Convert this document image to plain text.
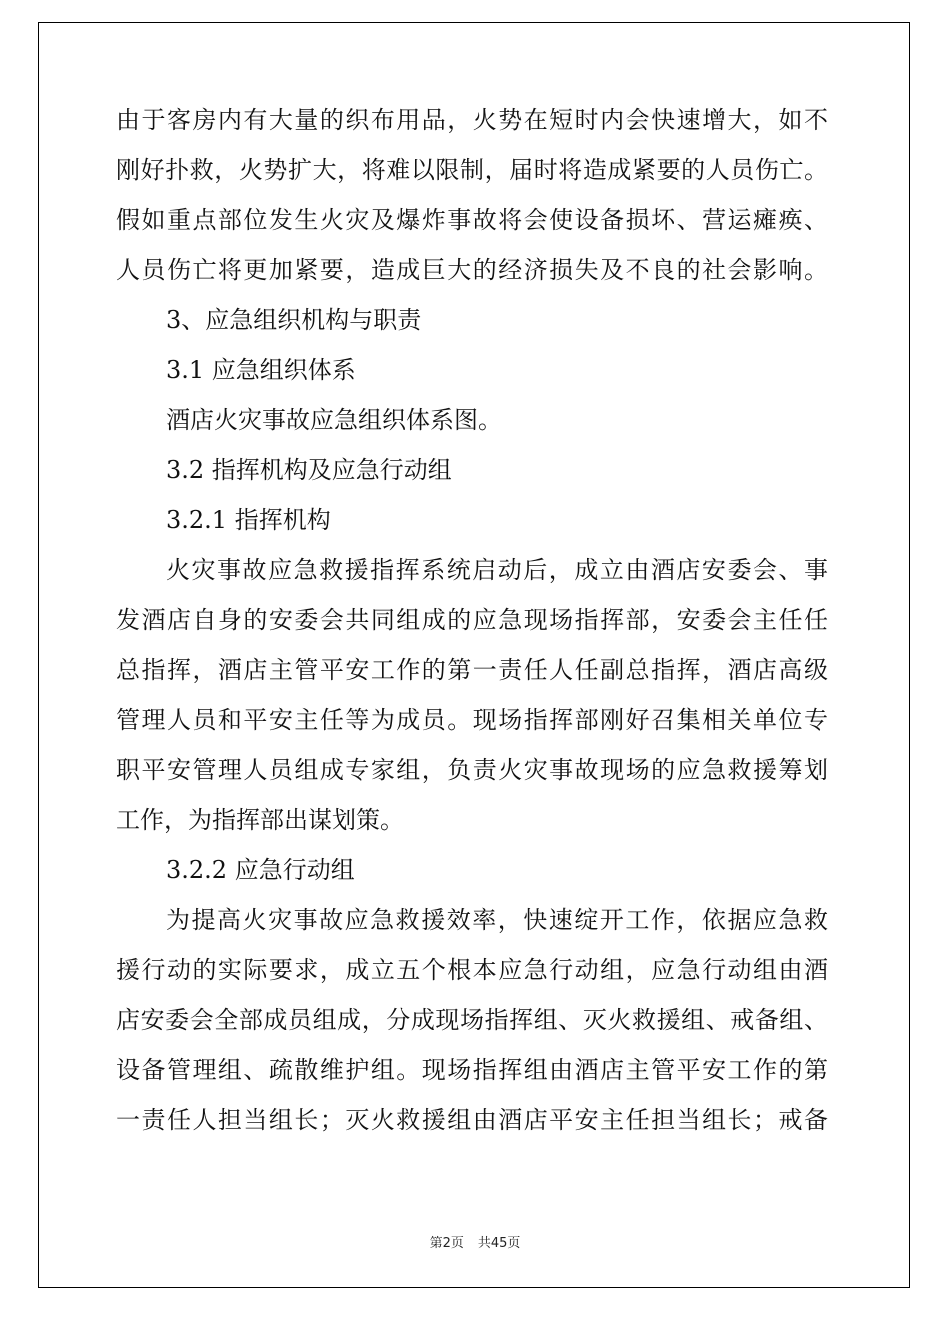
由于客房内有大量的织布用品，火势在短时内会快速增大，如不
刚好扑救，火势扩大，将难以限制，届时将造成紧要的人员伤亡。
假如重点部位发生火灾及爆炸事故将会使设备损坏、营运瘫痪、
人员伤亡将更加紧要，造成巨大的经济损失及不良的社会影响。
3、应急组织机构与职责
3.1 应急组织体系
酒店火灾事故应急组织体系图。
3.2 指挥机构及应急行动组
3.2.1 指挥机构
火灾事故应急救援指挥系统启动后，成立由酒店安委会、事
发酒店自身的安委会共同组成的应急现场指挥部，安委会主任任
总指挥，酒店主管平安工作的第一责任人任副总指挥，酒店高级
管理人员和平安主任等为成员。现场指挥部刚好召集相关单位专
职平安管理人员组成专家组，负责火灾事故现场的应急救援筹划
工作，为指挥部出谋划策。
3.2.2 应急行动组
为提高火灾事故应急救援效率，快速绽开工作，依据应急救
援行动的实际要求，成立五个根本应急行动组，应急行动组由酒
店安委会全部成员组成，分成现场指挥组、灭火救援组、戒备组、
设备管理组、疏散维护组。现场指挥组由酒店主管平安工作的第
一责任人担当组长；灭火救援组由酒店平安主任担当组长；戒备
第2页 共45页
